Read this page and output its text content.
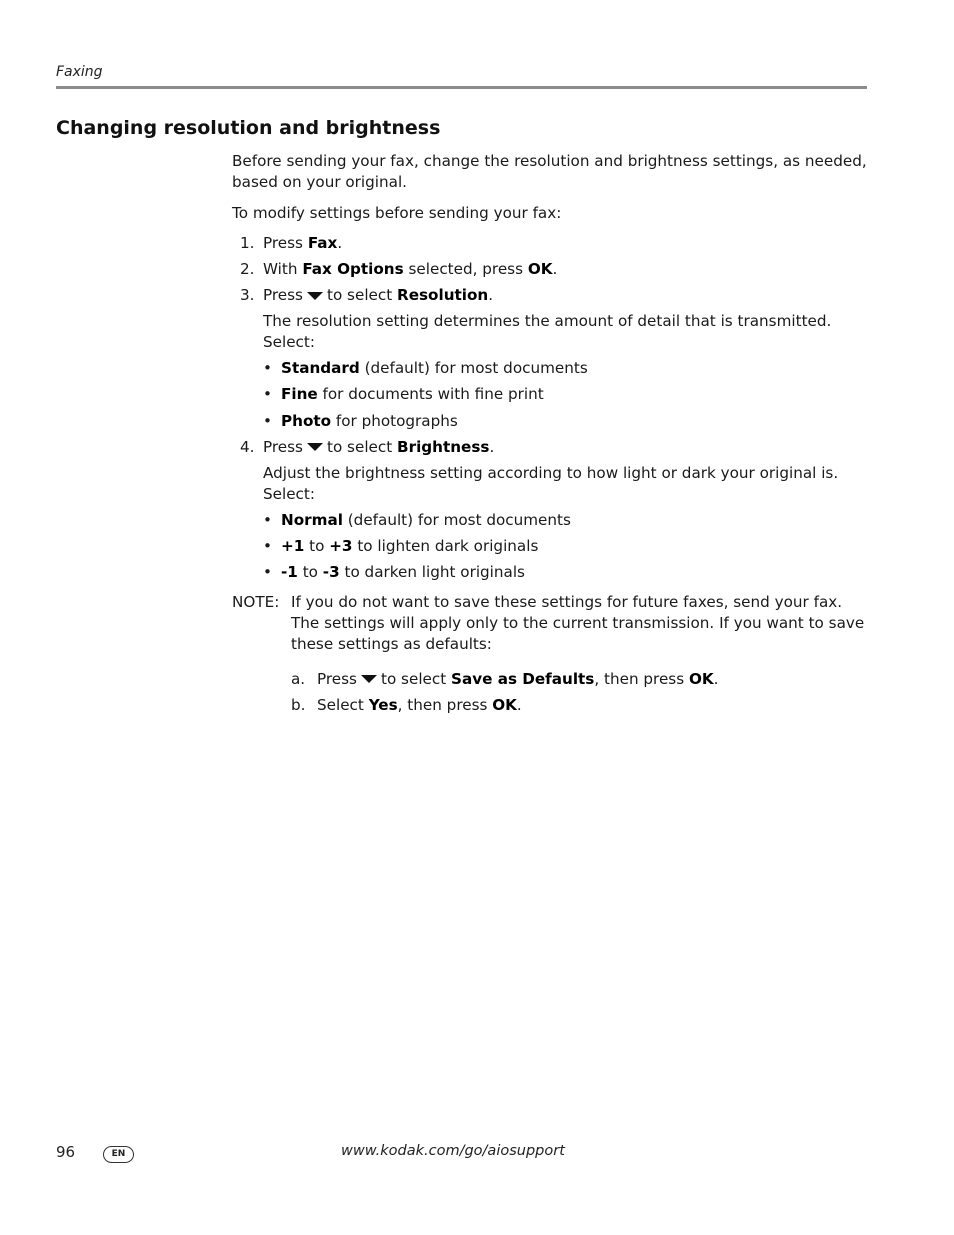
Faxing
Changing resolution and brightness

Before sending your fax, change the resolution and brightness settings, as needed, based on your original.

To modify settings before sending your fax:

1. Press Fax.
2. With Fax Options selected, press OK.
3. Press to select Resolution.

The resolution setting determines the amount of detail that is transmitted. Select:

• Standard (default) for most documents
• Fine for documents with fine print
• Photo for photographs
4. Press to select Brightness.

Adjust the brightness setting according to how light or dark your original is. Select:

• Normal (default) for most documents
• +1 to +3 to lighten dark originals
• -1 to -3 to darken light originals
NOTE: If you do not want to save these settings for future faxes, send your fax. The settings will apply only to the current transmission. If you want to save these settings as defaults:

a. Press to select Save as Defaults, then press OK.
b. Select Yes, then press OK.
96	EN	www.kodak.com/go/aiosupport
